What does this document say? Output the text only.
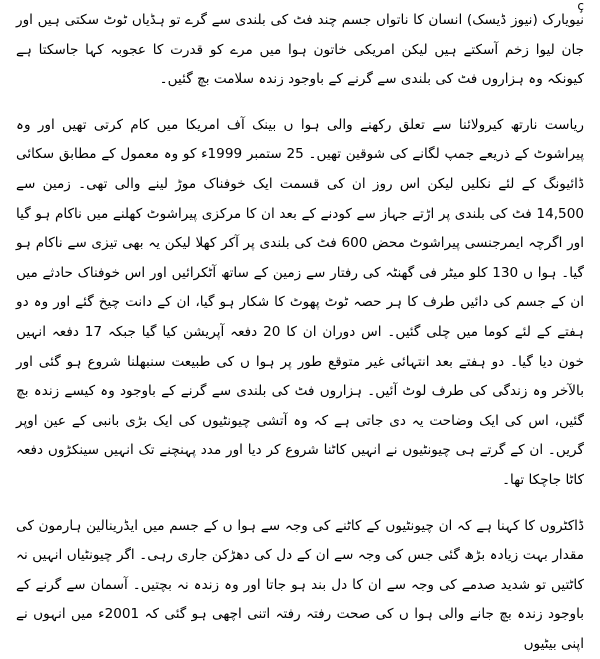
ç

نیویارک (نیوز ڈیسک) انسان کا ناتواں جسم چند فٹ کی بلندی سے گرے تو ہڈیاں ٹوٹ سکتی ہیں اور جان لیوا زخم آسکتے ہیں لیکن امریکی خاتون ہوا میں مرے کو قدرت کا عجوبہ کہا جاسکتا ہے کیونکہ وہ ہزاروں فٹ کی بلندی سے گرنے کے باوجود زندہ سلامت بچ گئیں۔

ریاست نارتھ کیرولائنا سے تعلق رکھنے والی ہوا ں بینک آف امریکا میں کام کرتی تھیں اور وہ پیراشوٹ کے ذریعے جمپ لگانے کی شوقین تھیں۔ 25 ستمبر 1999ء کو وہ معمول کے مطابق سکائی ڈائیونگ کے لئے نکلیں لیکن اس روز ان کی قسمت ایک خوفناک موڑ لینے والی تھی۔ زمین سے 14,500 فٹ کی بلندی پر اڑتے جہاز سے کودنے کے بعد ان کا مرکزی پیراشوٹ کھلنے میں ناکام ہو گیا اور اگرچہ ایمرجنسی پیراشوٹ محض 600 فٹ کی بلندی پر آکر کھلا لیکن یہ بھی تیزی سے ناکام ہو گیا۔ ہوا ں 130 کلو میٹر فی گھنٹہ کی رفتار سے زمین کے ساتھ آٹکرائیں اور اس خوفناک حادثے میں ان کے جسم کی دائیں طرف کا ہر حصہ ٹوٹ پھوٹ کا شکار ہو گیا، ان کے دانت چیخ گئے اور وہ دو ہفتے کے لئے کوما میں چلی گئیں۔ اس دوران ان کا 20 دفعہ آپریشن کیا گیا جبکہ 17 دفعہ انہیں خون دیا گیا۔ دو ہفتے بعد انتہائی غیر متوقع طور پر ہوا ں کی طبیعت سنبھلنا شروع ہو گئی اور بالآخر وہ زندگی کی طرف لوٹ آئیں۔ ہزاروں فٹ کی بلندی سے گرنے کے باوجود وہ کیسے زندہ بچ گئیں، اس کی ایک وضاحت یہ دی جاتی ہے کہ وہ آتشی چیونٹیوں کی ایک بڑی بانبی کے عین اوپر گریں۔ ان کے گرتے ہی چیونٹیوں نے انہیں کاٹنا شروع کر دیا اور مدد پہنچنے تک انہیں سینکڑوں دفعہ کاٹا جاچکا تھا۔

ڈاکٹروں کا کہنا ہے کہ ان چیونٹیوں کے کاٹنے کی وجہ سے ہوا ں کے جسم میں ایڈرینالین ہارمون کی مقدار بہت زیادہ بڑھ گئی جس کی وجہ سے ان کے دل کی دھڑکن جاری رہی۔ اگر چیونٹیاں انہیں نہ کاٹتیں تو شدید صدمے کی وجہ سے ان کا دل بند ہو جاتا اور وہ زندہ نہ بچتیں۔ آسمان سے گرنے کے باوجود زندہ بچ جانے والی ہوا ں کی صحت رفتہ رفتہ اتنی اچھی ہو گئی کہ 2001ء میں انہوں نے اپنی بیٹیوں
